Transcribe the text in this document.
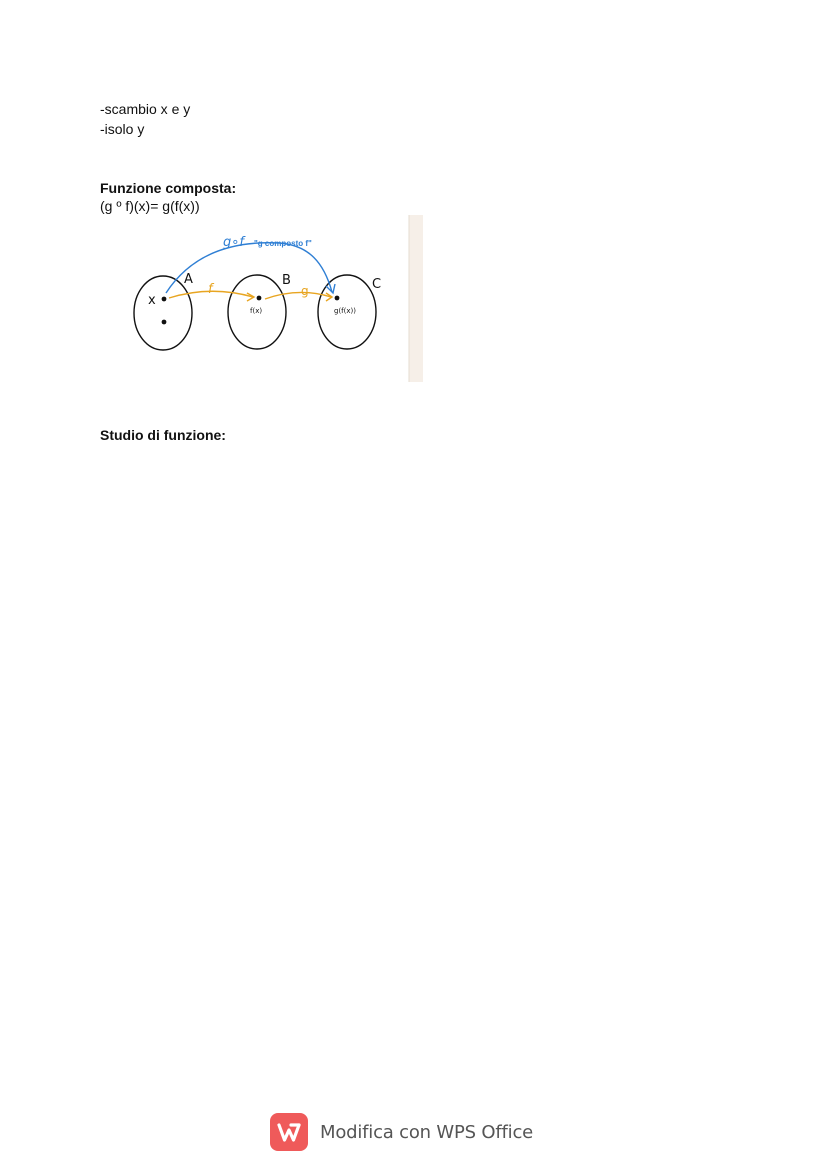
-scambio x e y
-isolo y
Funzione composta:
(g º f)(x)= g(f(x))
A	B	C
x
f(x)	g(f(x))
f	g
g∘f	"g composto f"
Studio di funzione:
Modifica con WPS Office
